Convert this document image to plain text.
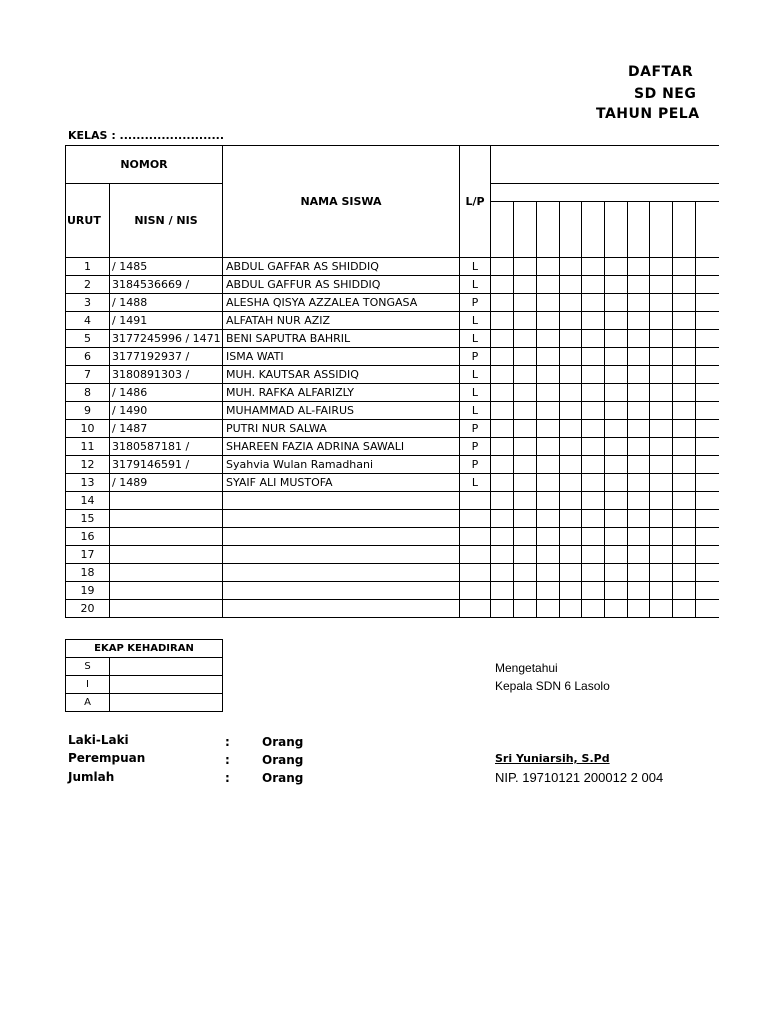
DAFTAR
SD NEG
TAHUN PELA
KELAS : .........................
NOMOR		NAMA SISWA	L/P										
URUT	NISN / NIS												

1	/ 1485	ABDUL GAFFAR AS SHIDDIQ	L										
2	3184536669 /	ABDUL GAFFUR AS SHIDDIQ	L										
3	/ 1488	ALESHA QISYA AZZALEA TONGASA	P										
4	/ 1491	ALFATAH NUR AZIZ	L										
5	3177245996 / 1471	BENI SAPUTRA BAHRIL	L										
6	3177192937 /	ISMA WATI	P										
7	3180891303 /	MUH. KAUTSAR ASSIDIQ	L										
8	/ 1486	MUH. RAFKA ALFARIZLY	L										
9	/ 1490	MUHAMMAD AL-FAIRUS	L										
10	/ 1487	PUTRI NUR SALWA	P										
11	3180587181 /	SHAREEN FAZIA ADRINA SAWALI	P										
12	3179146591 /	Syahvia Wulan Ramadhani	P										
13	/ 1489	SYAIF ALI MUSTOFA	L										
14													
15													
16													
17													
18													
19													
20													
EKAP KEHADIRAN	
S	
I	
A	
Laki-Laki	:	Orang
Perempuan	:	Orang
Jumlah	:	Orang
Mengetahui
Kepala SDN 6 Lasolo
Sri Yuniarsih, S.Pd
NIP. 19710121 200012 2 004
